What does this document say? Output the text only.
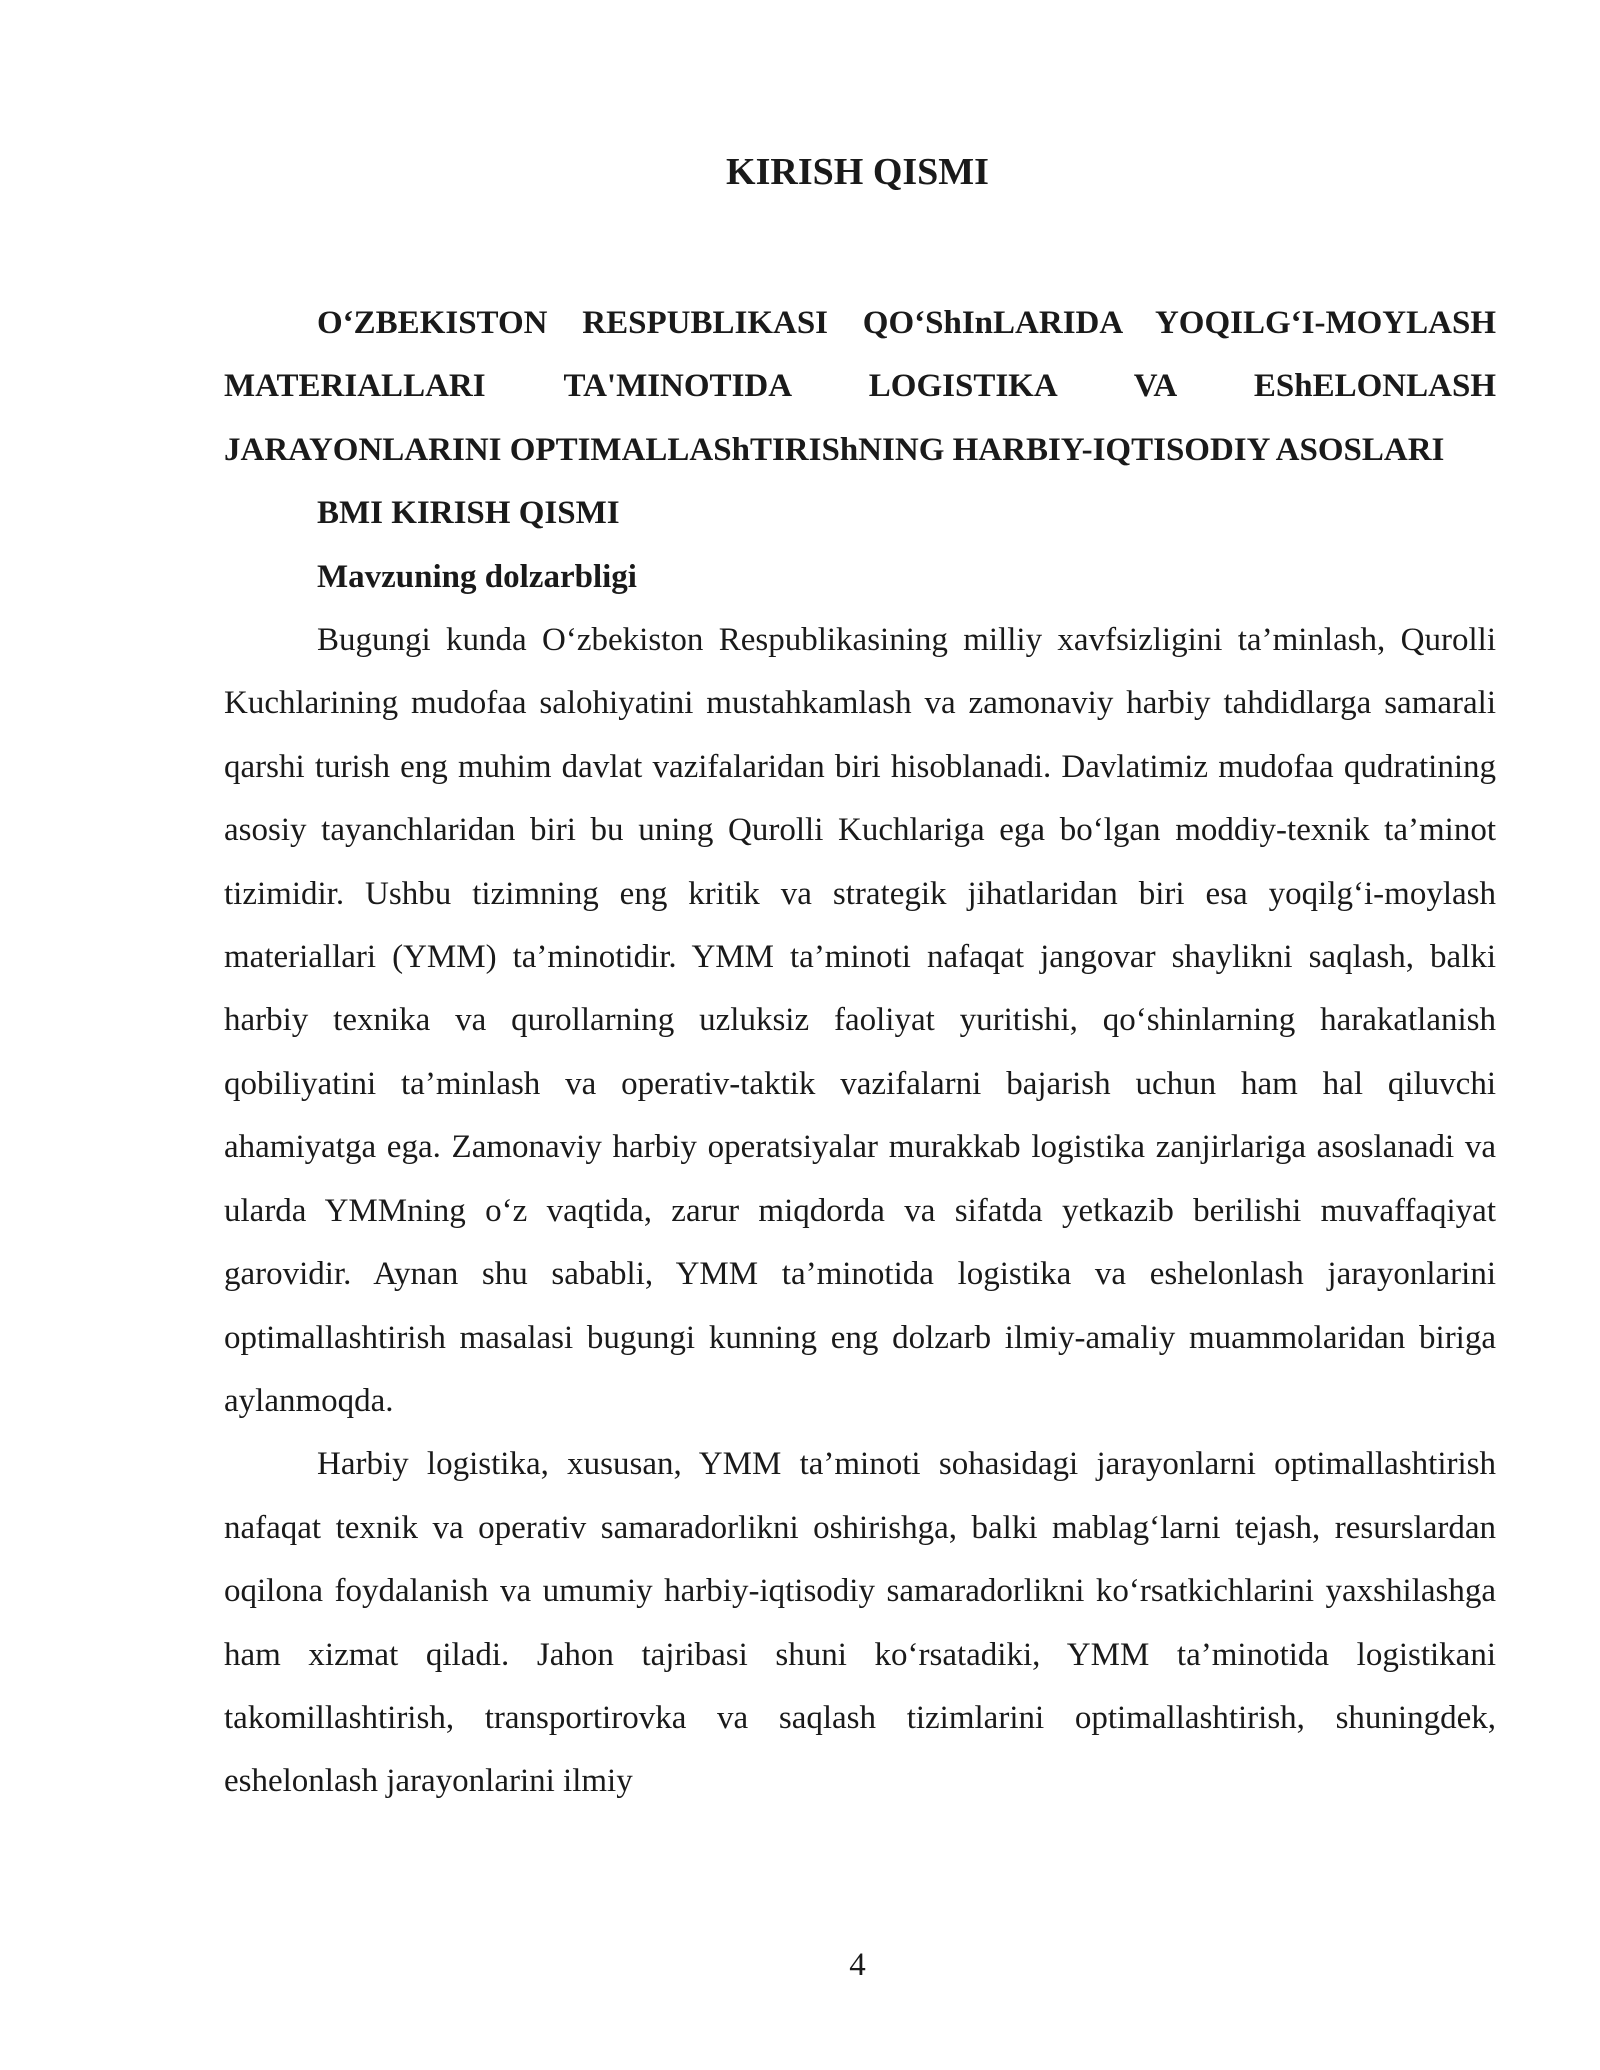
KIRISH QISMI

O‘ZBEKISTON RESPUBLIKASI QO‘ShInLARIDA YOQILG‘I-MOYLASH MATERIALLARI TA'MINOTIDA LOGISTIKA VA EShELONLASH JARAYONLARINI OPTIMALLAShTIRIShNING HARBIY-IQTISODIY ASOSLARI

BMI KIRISH QISMI

Mavzuning dolzarbligi

Bugungi kunda O‘zbekiston Respublikasining milliy xavfsizligini ta’minlash, Qurolli Kuchlarining mudofaa salohiyatini mustahkamlash va zamonaviy harbiy tahdidlarga samarali qarshi turish eng muhim davlat vazifalaridan biri hisoblanadi. Davlatimiz mudofaa qudratining asosiy tayanchlaridan biri bu uning Qurolli Kuchlariga ega bo‘lgan moddiy-texnik ta’minot tizimidir. Ushbu tizimning eng kritik va strategik jihatlaridan biri esa yoqilg‘i-moylash materiallari (YMM) ta’minotidir. YMM ta’minoti nafaqat jangovar shaylikni saqlash, balki harbiy texnika va qurollarning uzluksiz faoliyat yuritishi, qo‘shinlarning harakatlanish qobiliyatini ta’minlash va operativ-taktik vazifalarni bajarish uchun ham hal qiluvchi ahamiyatga ega. Zamonaviy harbiy operatsiyalar murakkab logistika zanjirlariga asoslanadi va ularda YMMning o‘z vaqtida, zarur miqdorda va sifatda yetkazib berilishi muvaffaqiyat garovidir. Aynan shu sababli, YMM ta’minotida logistika va eshelonlash jarayonlarini optimallashtirish masalasi bugungi kunning eng dolzarb ilmiy-amaliy muammolaridan biriga aylanmoqda.

Harbiy logistika, xususan, YMM ta’minoti sohasidagi jarayonlarni optimallashtirish nafaqat texnik va operativ samaradorlikni oshirishga, balki mablag‘larni tejash, resurslardan oqilona foydalanish va umumiy harbiy-iqtisodiy samaradorlikni ko‘rsatkichlarini yaxshilashga ham xizmat qiladi. Jahon tajribasi shuni ko‘rsatadiki, YMM ta’minotida logistikani takomillashtirish, transportirovka va saqlash tizimlarini optimallashtirish, shuningdek, eshelonlash jarayonlarini ilmiy

4
